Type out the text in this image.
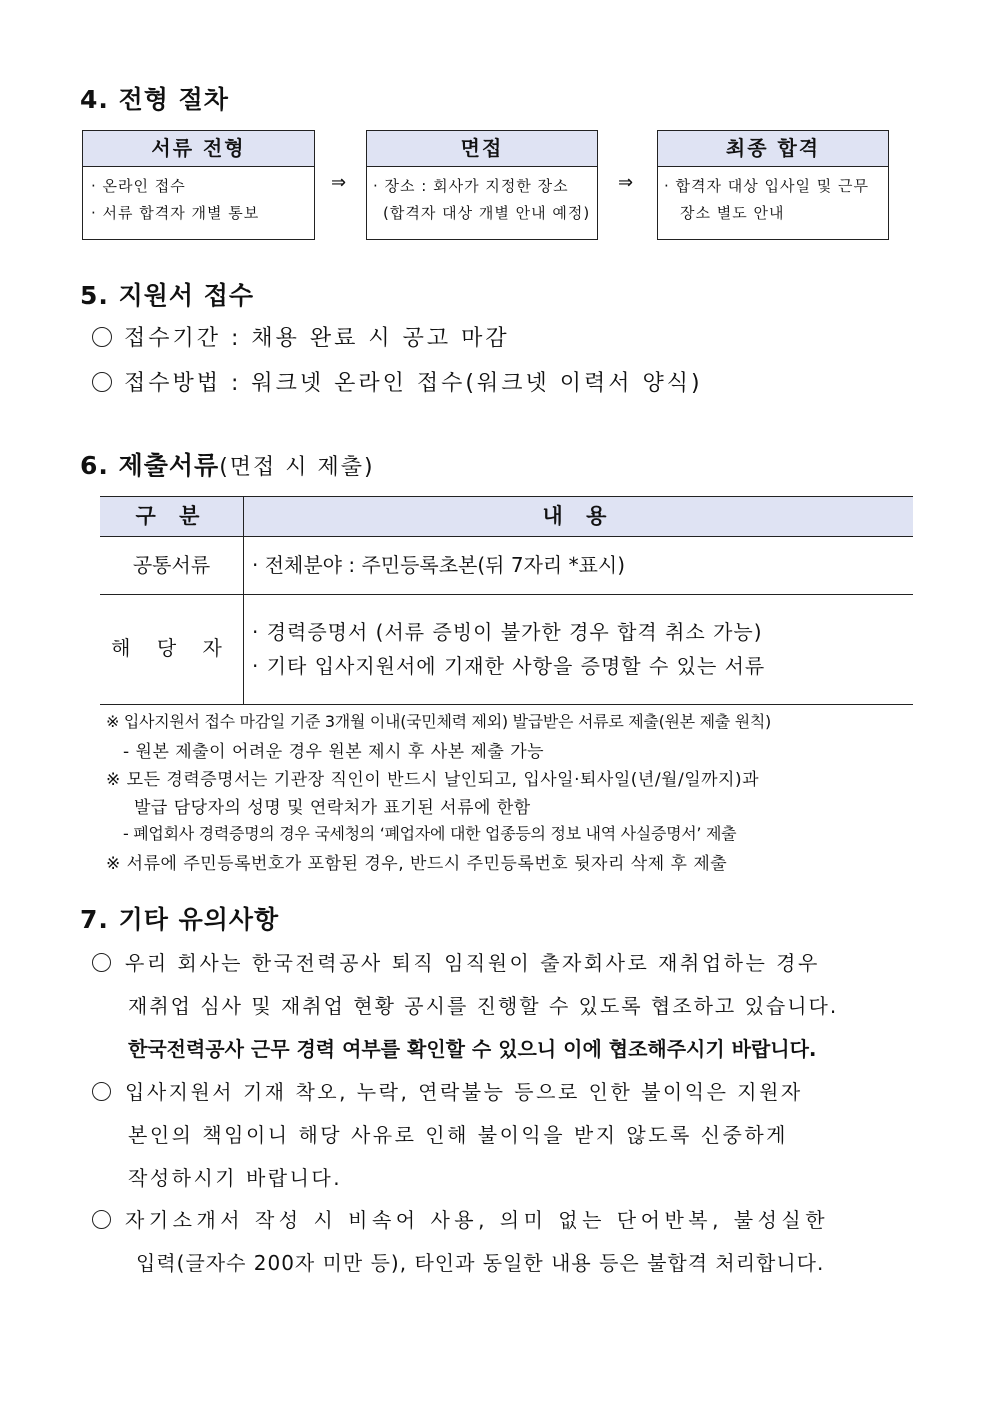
4. 전형 절차
서류 전형
· 온라인 접수
· 서류 합격자 개별 통보
⇒
면접
· 장소 : 회사가 지정한 장소
(합격자 대상 개별 안내 예정)
⇒
최종 합격
· 합격자 대상 입사일 및 근무
장소 별도 안내
5. 지원서 접수
접수기간 : 채용 완료 시 공고 마감
접수방법 : 워크넷 온라인 접수(워크넷 이력서 양식)
6. 제출서류(면접 시 제출)
구 분	내 용
공통서류	· 전체분야 : 주민등록초본(뒤 7자리 *표시)
해 당 자
· 경력증명서 (서류 증빙이 불가한 경우 합격 취소 가능)
· 기타 입사지원서에 기재한 사항을 증명할 수 있는 서류
※ 입사지원서 접수 마감일 기준 3개월 이내(국민체력 제외) 발급받은 서류로 제출(원본 제출 원칙)
- 원본 제출이 어려운 경우 원본 제시 후 사본 제출 가능
※ 모든 경력증명서는 기관장 직인이 반드시 날인되고, 입사일·퇴사일(년/월/일까지)과
발급 담당자의 성명 및 연락처가 표기된 서류에 한함
- 폐업회사 경력증명의 경우 국세청의 ‘폐업자에 대한 업종등의 정보 내역 사실증명서’ 제출
※ 서류에 주민등록번호가 포함된 경우, 반드시 주민등록번호 뒷자리 삭제 후 제출
7. 기타 유의사항
우리 회사는 한국전력공사 퇴직 임직원이 출자회사로 재취업하는 경우
재취업 심사 및 재취업 현황 공시를 진행할 수 있도록 협조하고 있습니다.
한국전력공사 근무 경력 여부를 확인할 수 있으니 이에 협조해주시기 바랍니다.
입사지원서 기재 착오, 누락, 연락불능 등으로 인한 불이익은 지원자
본인의 책임이니 해당 사유로 인해 불이익을 받지 않도록 신중하게
작성하시기 바랍니다.
자기소개서 작성 시 비속어 사용, 의미 없는 단어반복, 불성실한
입력(글자수 200자 미만 등), 타인과 동일한 내용 등은 불합격 처리합니다.
